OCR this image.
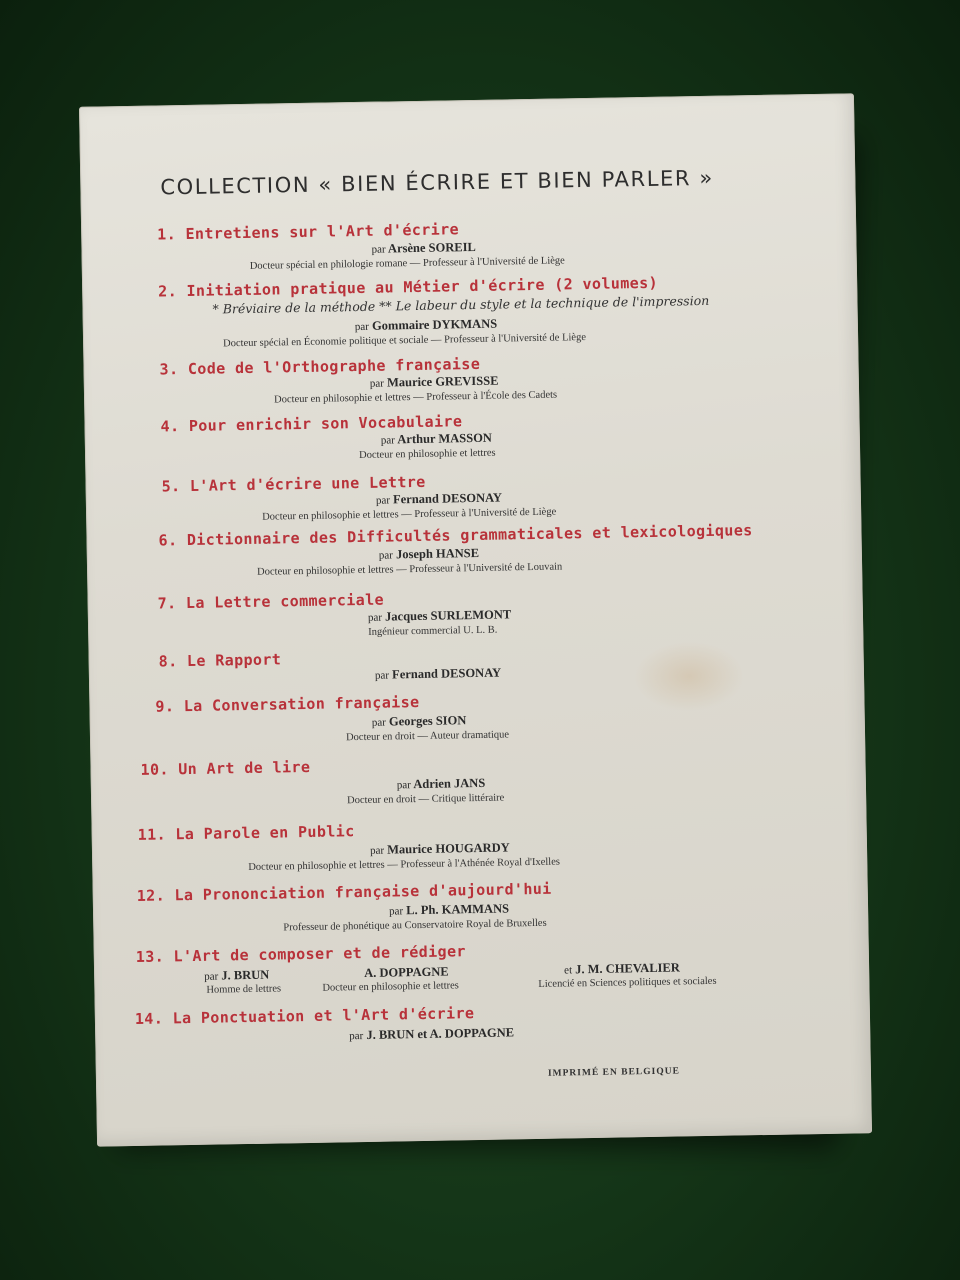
COLLECTION « BIEN ÉCRIRE ET BIEN PARLER »
1. Entretiens sur l'Art d'écrire
par Arsène SOREIL
Docteur spécial en philologie romane — Professeur à l'Université de Liège
2. Initiation pratique au Métier d'écrire (2 volumes)
* Bréviaire de la méthode ** Le labeur du style et la technique de l'impression
par Gommaire DYKMANS
Docteur spécial en Économie politique et sociale — Professeur à l'Université de Liège
3. Code de l'Orthographe française
par Maurice GREVISSE
Docteur en philosophie et lettres — Professeur à l'École des Cadets
4. Pour enrichir son Vocabulaire
par Arthur MASSON
Docteur en philosophie et lettres
5. L'Art d'écrire une Lettre
par Fernand DESONAY
Docteur en philosophie et lettres — Professeur à l'Université de Liège
6. Dictionnaire des Difficultés grammaticales et lexicologiques
par Joseph HANSE
Docteur en philosophie et lettres — Professeur à l'Université de Louvain
7. La Lettre commerciale
par Jacques SURLEMONT
Ingénieur commercial U. L. B.
8. Le Rapport
par Fernand DESONAY
9. La Conversation française
par Georges SION
Docteur en droit — Auteur dramatique
10. Un Art de lire
par Adrien JANS
Docteur en droit — Critique littéraire
11. La Parole en Public
par Maurice HOUGARDY
Docteur en philosophie et lettres — Professeur à l'Athénée Royal d'Ixelles
12. La Prononciation française d'aujourd'hui
par L. Ph. KAMMANS
Professeur de phonétique au Conservatoire Royal de Bruxelles
13. L'Art de composer et de rédiger
par J. BRUN
Homme de lettres
A. DOPPAGNE
Docteur en philosophie et lettres
et J. M. CHEVALIER
Licencié en Sciences politiques et sociales
14. La Ponctuation et l'Art d'écrire
par J. BRUN et A. DOPPAGNE
IMPRIMÉ EN BELGIQUE
